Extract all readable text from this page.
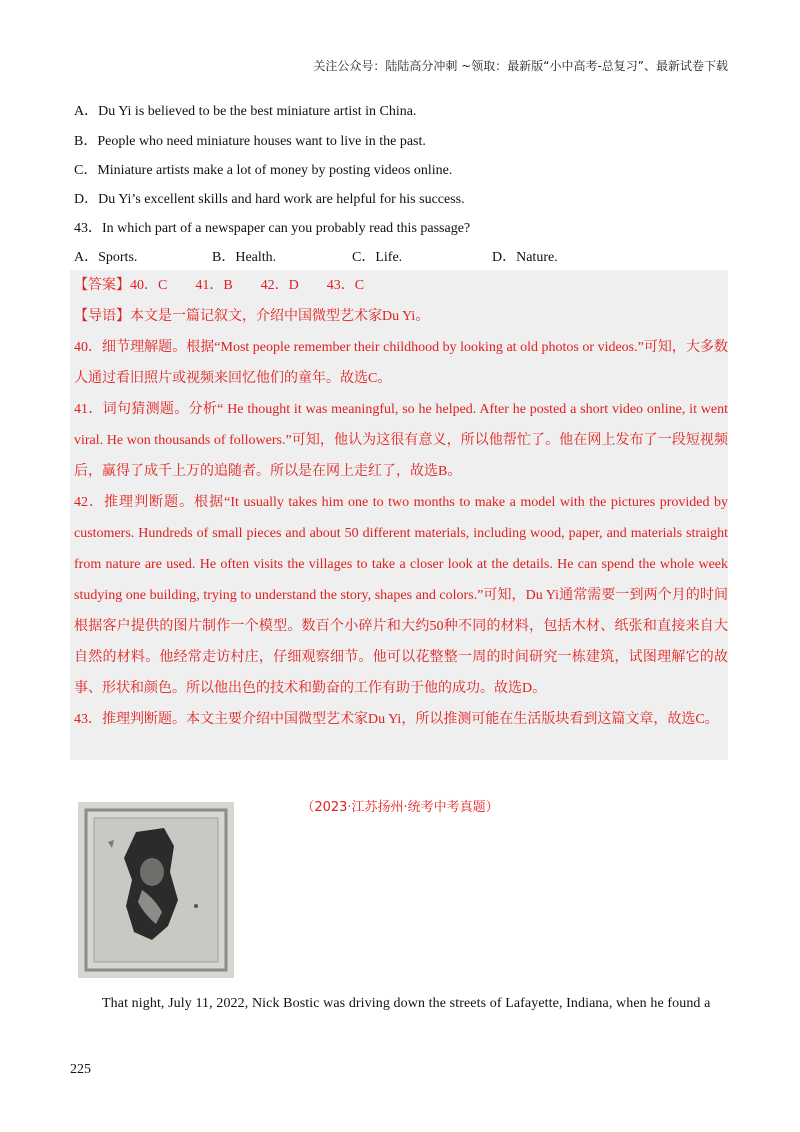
关注公众号：陆陆高分冲刺 ~领取：最新版“小中高考-总复习”、最新试卷下载
A．Du Yi is believed to be the best miniature artist in China.
B．People who need miniature houses want to live in the past.
C．Miniature artists make a lot of money by posting videos online.
D．Du Yi’s excellent skills and hard work are helpful for his success.
43．In which part of a newspaper can you probably read this passage?
A．Sports.	B．Health.	C．Life.	D．Nature.

【答案】40．C　　41．B　　42．D　　43．C

【导语】本文是一篇记叙文，介绍中国微型艺术家Du Yi。

40．细节理解题。根据“Most people remember their childhood by looking at old photos or videos.”可知，大多数人通过看旧照片或视频来回忆他们的童年。故选C。

41．词句猜测题。分析“ He thought it was meaningful, so he helped. After he posted a short video online, it went viral. He won thousands of followers.”可知，他认为这很有意义，所以他帮忙了。他在网上发布了一段短视频后，赢得了成千上万的追随者。所以是在网上走红了，故选B。

42．推理判断题。根据“It usually takes him one to two months to make a model with the pictures provided by customers. Hundreds of small pieces and about 50 different materials, including wood, paper, and materials straight from nature are used. He often visits the villages to take a closer look at the details. He can spend the whole week studying one building, trying to understand the story, shapes and colors.”可知，Du Yi通常需要一到两个月的时间根据客户提供的图片制作一个模型。数百个小碎片和大约50种不同的材料，包括木材、纸张和直接来自大自然的材料。他经常走访村庄，仔细观察细节。他可以花整整一周的时间研究一栋建筑，试图理解它的故事、形状和颜色。所以他出色的技术和勤奋的工作有助于他的成功。故选D。

43．推理判断题。本文主要介绍中国微型艺术家Du Yi，所以推测可能在生活版块看到这篇文章，故选C。

（2023·江苏扬州·统考中考真题）
That night, July 11, 2022, Nick Bostic was driving down the streets of Lafayette, Indiana, when he found a
225
